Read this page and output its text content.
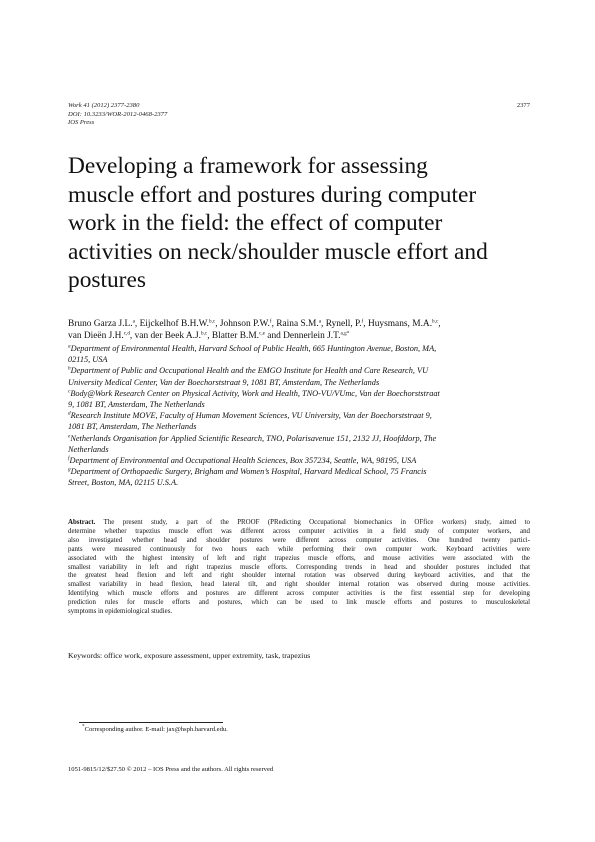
Work 41 (2012) 2377-2380
DOI: 10.3233/WOR-2012-0468-2377
IOS Press
2377
Developing a framework for assessing
muscle effort and postures during computer
work in the field: the effect of computer
activities on neck/shoulder muscle effort and
postures
Bruno Garza J.L.$^a$, Eijckelhof B.H.W.$^{b,c}$, Johnson P.W.$^f$, Raina S.M.$^a$, Rynell, P.$^f$, Huysmans, M.A.$^{b,c}$,
van Dieën J.H.$^{c,d}$, van der Beek A.J.$^{b,c}$, Blatter B.M.$^{c,e}$ and Dennerlein J.T.$^{a,g*}$
$^a$Department of Environmental Health, Harvard School of Public Health, 665 Huntington Avenue, Boston, MA,
02115, USA
$^b$Department of Public and Occupational Health and the EMGO Institute for Health and Care Research, VU
University Medical Center, Van der Boechorststraat 9, 1081 BT, Amsterdam, The Netherlands
$^c$Body@Work Research Center on Physical Activity, Work and Health, TNO-VU/VUmc, Van der Boechorststraat
9, 1081 BT, Amsterdam, The Netherlands
$^d$Research Institute MOVE, Faculty of Human Movement Sciences, VU University, Van der Boechorststraat 9,
1081 BT, Amsterdam, The Netherlands
$^e$Netherlands Organisation for Applied Scientific Research, TNO, Polarisavenue 151, 2132 JJ, Hoofddorp, The
Netherlands
$^f$Department of Environmental and Occupational Health Sciences, Box 357234, Seattle, WA, 98195, USA
$^g$Department of Orthopaedic Surgery, Brigham and Women’s Hospital, Harvard Medical School, 75 Francis
Street, Boston, MA, 02115 U.S.A.
Abstract. The present study, a part of the PROOF (PRedicting Occupational biomechanics in OFfice workers) study, aimed to
determine whether trapezius muscle effort was different across computer activities in a field study of computer workers, and
also investigated whether head and shoulder postures were different across computer activities. One hundred twenty partici-
pants were measured continuously for two hours each while performing their own computer work. Keyboard activities were
associated with the highest intensity of left and right trapezius muscle efforts, and mouse activities were associated with the
smallest variability in left and right trapezius muscle efforts. Corresponding trends in head and shoulder postures included that
the greatest head flexion and left and right shoulder internal rotation was observed during keyboard activities, and that the
smallest variability in head flexion, head lateral tilt, and right shoulder internal rotation was observed during mouse activities.
Identifying which muscle efforts and postures are different across computer activities is the first essential step for developing
prediction rules for muscle efforts and postures, which can be used to link muscle efforts and postures to musculoskeletal
symptoms in epidemiological studies.
Keywords: office work, exposure assessment, upper extremity, task, trapezius
*Corresponding author. E-mail: jax@hsph.harvard.edu.
1051-9815/12/$27.50 © 2012 – IOS Press and the authors. All rights reserved
